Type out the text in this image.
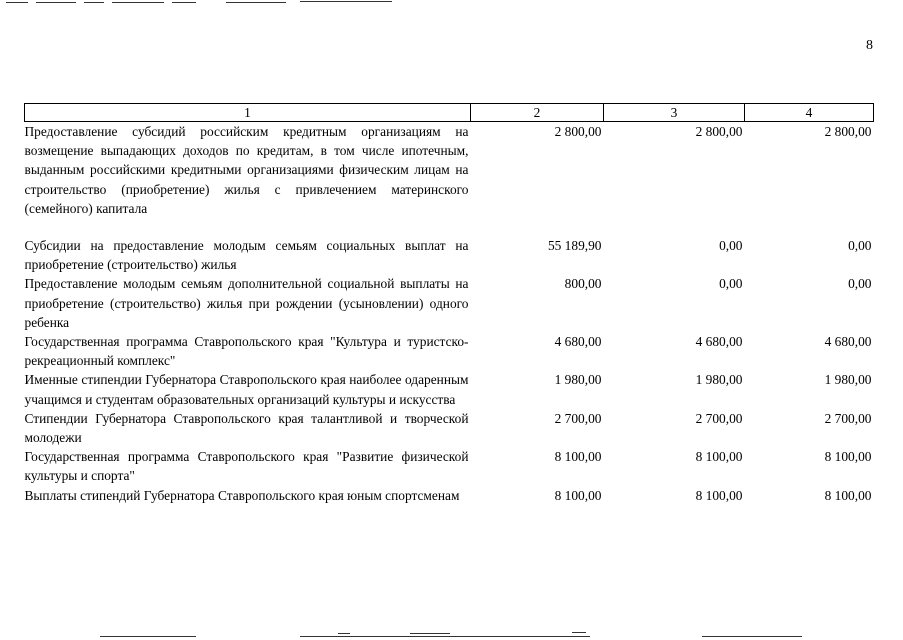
8
1	2	3	4
Предоставление субсидий российским кредитным организациям на возмещение выпадающих доходов по кредитам, в том числе ипотечным, выданным российскими кредитными организациями физическим лицам на строительство (приобретение) жилья с привлечением материнского (семейного) капитала	2 800,00	2 800,00	2 800,00

Субсидии на предоставление молодым семьям социальных выплат на приобретение (строительство) жилья	55 189,90	0,00	0,00
Предоставление молодым семьям дополнительной социальной выплаты на приобретение (строительство) жилья при рождении (усыновлении) одного ребенка	800,00	0,00	0,00
Государственная программа Ставропольского края "Культура и туристско-рекреационный комплекс"	4 680,00	4 680,00	4 680,00
Именные стипендии Губернатора Ставропольского края наиболее одаренным учащимся и студентам образовательных организаций культуры и искусства	1 980,00	1 980,00	1 980,00
Стипендии Губернатора Ставропольского края талантливой и творческой молодежи	2 700,00	2 700,00	2 700,00
Государственная программа Ставропольского края "Развитие физической культуры и спорта"	8 100,00	8 100,00	8 100,00
Выплаты стипендий Губернатора Ставропольского края юным спортсменам	8 100,00	8 100,00	8 100,00
